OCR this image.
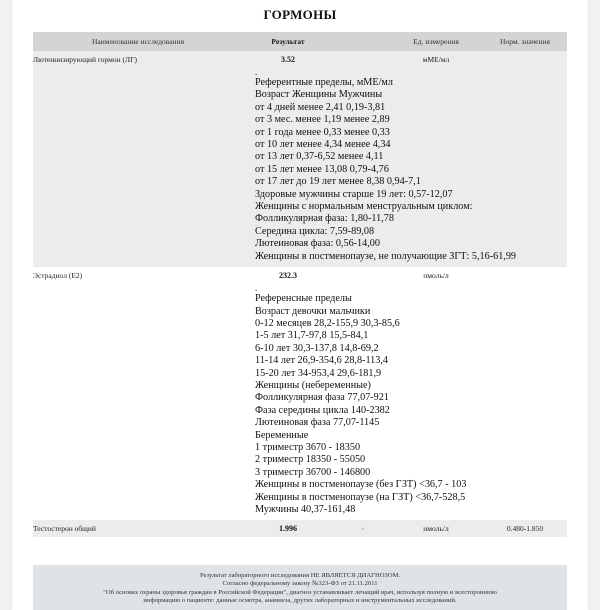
ГОРМОНЫ
Наименование исследования	Результат	Ед. измерения	Норм. значения
Лютеинизирующий гормон (ЛГ)	3.52	мМЕ/мл
.
Референтные пределы, мМЕ/мл
Возраст Женщины Мужчины
от 4 дней менее 2,41 0,19-3,81
от 3 мес. менее 1,19 менее 2,89
от 1 года менее 0,33 менее 0,33
от 10 лет менее 4,34 менее 4,34
от 13 лет 0,37-6,52 менее 4,11
от 15 лет менее 13,08 0,79-4,76
от 17 лет до 19 лет менее 8,38 0,94-7,1
Здоровые мужчины старше 19 лет: 0,57-12,07
Женщины с нормальным менструальным циклом:
Фолликулярная фаза: 1,80-11,78
Середина цикла: 7,59-89,08
Лютеиновая фаза: 0,56-14,00
Женщины в постменопаузе, не получающие ЗГТ: 5,16-61,99
Эстрадиол (E2)	232.3	пмоль/л
.
Референсные пределы
Возраст девочки мальчики
0-12 месяцев 28,2-155,9 30,3-85,6
1-5 лет 31,7-97,8 15,5-84,1
6-10 лет 30,3-137,8 14,8-69,2
11-14 лет 26,9-354,6 28,8-113,4
15-20 лет 34-953,4 29,6-181,9
Женщины (небеременные)
Фолликулярная фаза 77,07-921
Фаза середины цикла 140-2382
Лютеиновая фаза 77,07-1145
Беременные
1 триместр 3670 - 18350
2 триместр 18350 - 55050
3 триместр 36700 - 146800
Женщины в постменопаузе (без ГЗТ) <36,7 - 103
Женщины в постменопаузе (на ГЗТ) <36,7-528,5
Мужчины 40,37-161,48
Тестостерон общий	1.996	+	нмоль/л	0.480-1.850
Результат лабораторного исследования НЕ ЯВЛЯЕТСЯ ДИАГНОЗОМ.
Согласно федеральному закону №323-ФЗ от 21.11.2011
"Об основах охраны здоровья граждан в Российской Федерации", диагноз устанавливает лечащий врач, используя полную и всестороннюю
информацию о пациенте: данные осмотра, анамнеза, других лабораторных и инструментальных исследований.
